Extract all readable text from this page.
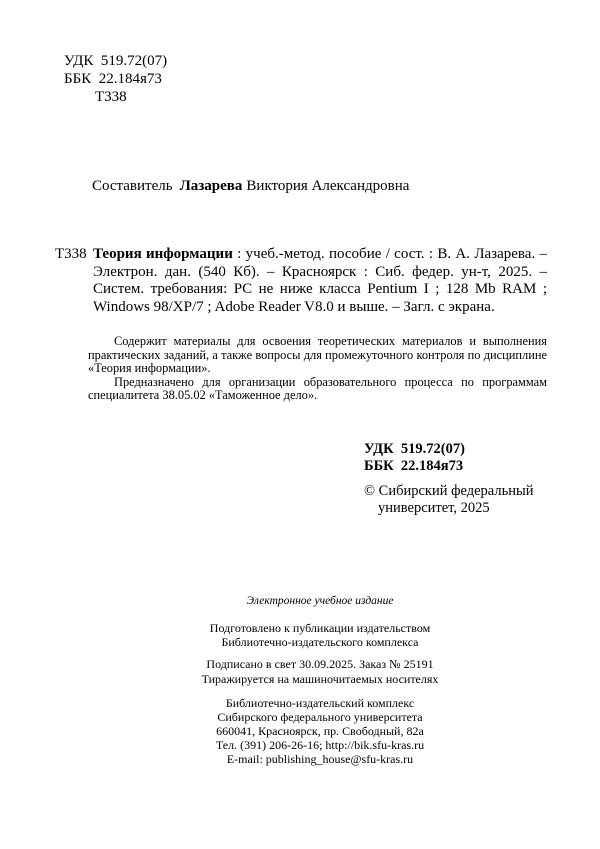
УДК  519.72(07)
ББК  22.184я73
Т338
Составитель Лазарева Виктория Александровна
Т338 Теория информации : учеб.-метод. пособие / сост. : В. А. Лазарева. – Электрон. дан. (540 Кб). – Красноярск : Сиб. федер. ун-т, 2025. – Систем. требования: PC не ниже класса Pentium I ; 128 Mb RAM ; Windows 98/XP/7 ; Adobe Reader V8.0 и выше. – Загл. с экрана.

Содержит материалы для освоения теоретических материалов и выполнения практических заданий, а также вопросы для промежуточного контроля по дисциплине «Теория информации».

Предназначено для организации образовательного процесса по программам специалитета 38.05.02 «Таможенное дело».

УДК  519.72(07)
ББК  22.184я73
© Сибирский федеральный
университет, 2025
Электронное учебное издание
Подготовлено к публикации издательством
Библиотечно-издательского комплекса
Подписано в свет 30.09.2025. Заказ № 25191
Тиражируется на машиночитаемых носителях
Библиотечно-издательский комплекс
Сибирского федерального университета
660041, Красноярск, пр. Свободный, 82а
Тел. (391) 206-26-16; http://bik.sfu-kras.ru
E-mail: publishing_house@sfu-kras.ru
